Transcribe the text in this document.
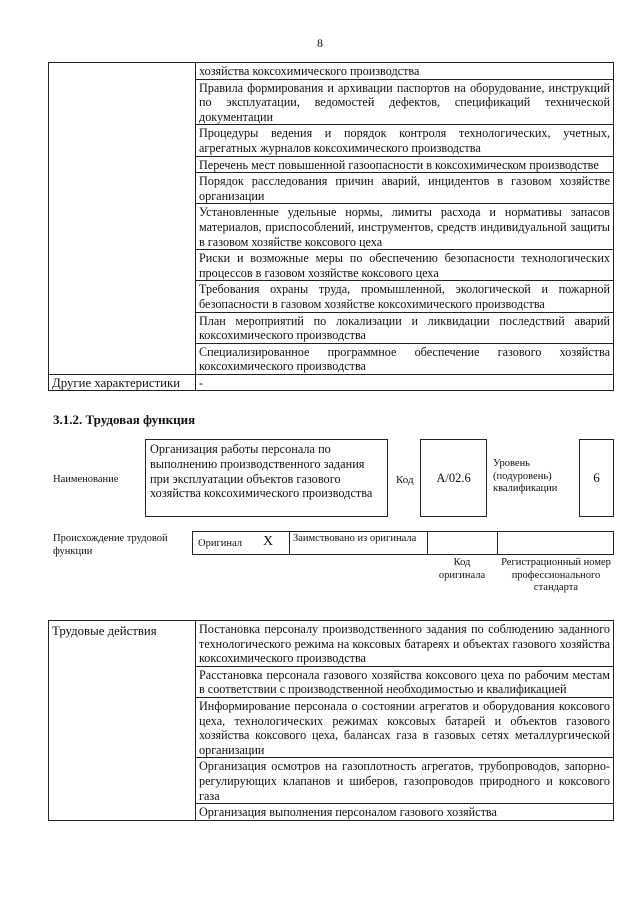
8
	хозяйства коксохимического производства
	Правила формирования и архивации паспортов на оборудование, инструкций по эксплуатации, ведомостей дефектов, спецификаций технической документации
	Процедуры ведения и порядок контроля технологических, учетных, агрегатных журналов коксохимического производства
	Перечень мест повышенной газоопасности в коксохимическом производстве
	Порядок расследования причин аварий, инцидентов в газовом хозяйстве организации
	Установленные удельные нормы, лимиты расхода и нормативы запасов материалов, приспособлений, инструментов, средств индивидуальной защиты в газовом хозяйстве коксового цеха
	Риски и возможные меры по обеспечению безопасности технологических процессов в газовом хозяйстве коксового цеха
	Требования охраны труда, промышленной, экологической и пожарной безопасности в газовом хозяйстве коксохимического производства
	План мероприятий по локализации и ликвидации последствий аварий коксохимического производства
	Специализированное программное обеспечение газового хозяйства коксохимического производства
Другие характеристики	-
3.1.2. Трудовая функция
Наименование
Организация работы персонала по выполнению производственного задания при эксплуатации объектов газового хозяйства коксохимического производства
Код	А/02.6
Уровень (подуровень) квалификации
6
Происхождение трудовой функции
Оригинал X	Заимствовано из оригинала
Код оригинала
Регистрационный номер профессионального стандарта
Трудовые действия	Постановка персоналу производственного задания по соблюдению заданного технологического режима на коксовых батареях и объектах газового хозяйства коксохимического производства
Расстановка персонала газового хозяйства коксового цеха по рабочим местам в соответствии с производственной необходимостью и квалификацией
Информирование персонала о состоянии агрегатов и оборудования коксового цеха, технологических режимах коксовых батарей и объектов газового хозяйства коксового цеха, балансах газа в газовых сетях металлургической организации
Организация осмотров на газоплотность агрегатов, трубопроводов, запорно-регулирующих клапанов и шиберов, газопроводов природного и коксового газа
Организация выполнения персоналом газового хозяйства
